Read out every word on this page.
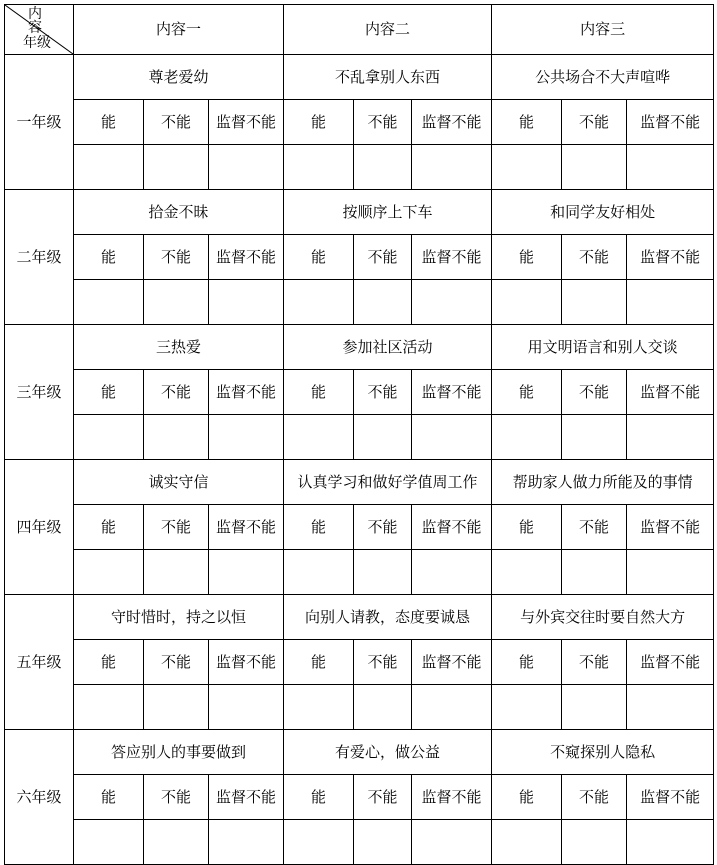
内容
年级	内容一			内容二			内容三		
一年级	尊老爱幼			不乱拿别人东西			公共场合不大声喧哗		
	能	不能	监督不能	能	不能	监督不能	能	不能	监督不能

二年级	拾金不昧			按顺序上下车			和同学友好相处		
	能	不能	监督不能	能	不能	监督不能	能	不能	监督不能

三年级	三热爱			参加社区活动			用文明语言和别人交谈		
	能	不能	监督不能	能	不能	监督不能	能	不能	监督不能

四年级	诚实守信			认真学习和做好学值周工作			帮助家人做力所能及的事情		
	能	不能	监督不能	能	不能	监督不能	能	不能	监督不能

五年级	守时惜时，持之以恒			向别人请教，态度要诚恳			与外宾交往时要自然大方		
	能	不能	监督不能	能	不能	监督不能	能	不能	监督不能

六年级	答应别人的事要做到			有爱心，做公益			不窥探别人隐私		
	能	不能	监督不能	能	不能	监督不能	能	不能	监督不能
